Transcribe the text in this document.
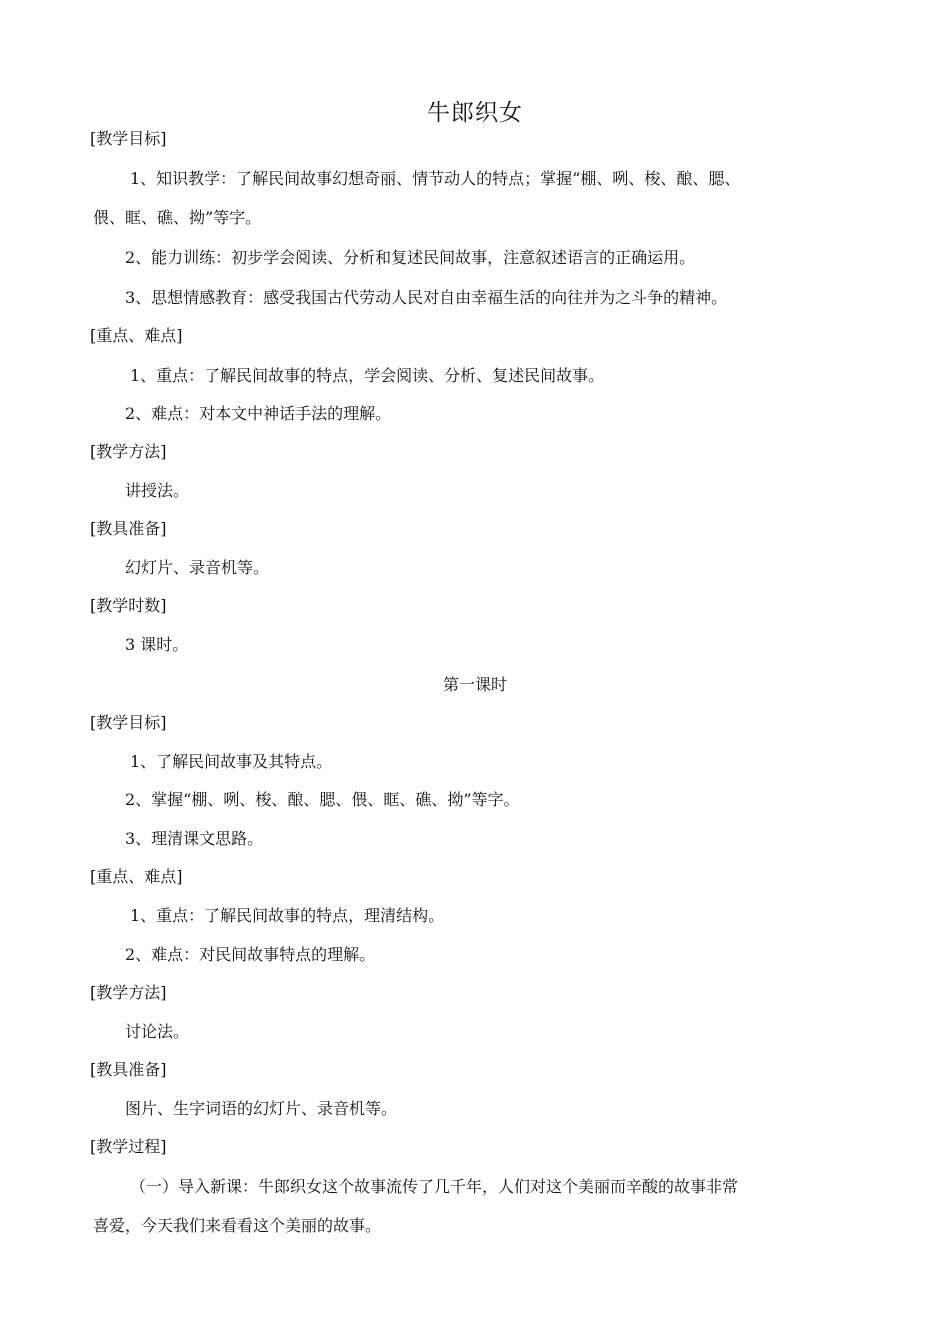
牛郎织女
[教学目标]
1、知识教学：了解民间故事幻想奇丽、情节动人的特点；掌握“棚、咧、梭、酿、腮、
偎、眶、礁、拗”等字。
2、能力训练：初步学会阅读、分析和复述民间故事，注意叙述语言的正确运用。
3、思想情感教育：感受我国古代劳动人民对自由幸福生活的向往并为之斗争的精神。
[重点、难点]
1、重点：了解民间故事的特点，学会阅读、分析、复述民间故事。
2、难点：对本文中神话手法的理解。
[教学方法]
讲授法。
[教具准备]
幻灯片、录音机等。
[教学时数]
3 课时。
第一课时
[教学目标]
1、了解民间故事及其特点。
2、掌握“棚、咧、梭、酿、腮、偎、眶、礁、拗”等字。
3、理清课文思路。
[重点、难点]
1、重点：了解民间故事的特点，理清结构。
2、难点：对民间故事特点的理解。
[教学方法]
讨论法。
[教具准备]
图片、生字词语的幻灯片、录音机等。
[教学过程]
（一）导入新课：牛郎织女这个故事流传了几千年，人们对这个美丽而辛酸的故事非常
喜爱，今天我们来看看这个美丽的故事。
